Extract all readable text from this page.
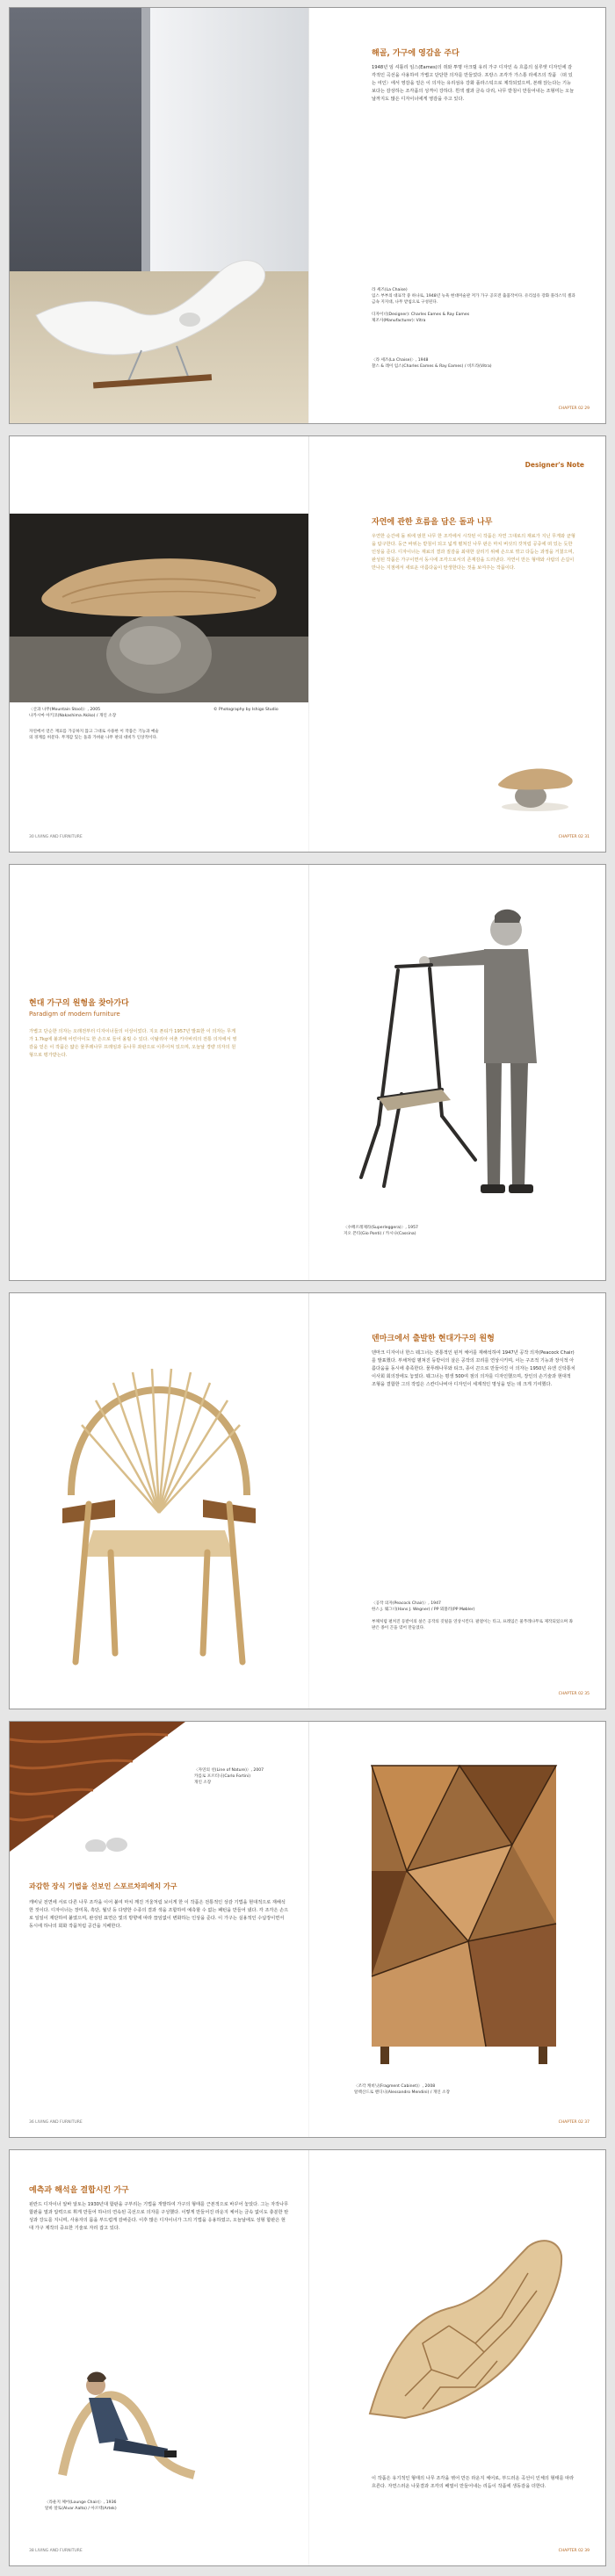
해골, 가구에 영감을 주다
1948년 임 셔틀리 임스(Eames)의 쥐와 투명 아크릴 유리 가구 디자인 속 흐름의 실루엣 디자인에 감각적인 곡선을 사용하여 가볍고 단단한 의자를 만들었다. 프랑스 조각가 가스통 라세즈의 작품 〈떠 있는 여인〉에서 영감을 얻은 이 의자는 유리섬유 강화 플라스틱으로 제작되었으며, 본래 앉는다는 기능보다는 감상하는 조각품의 성격이 강하다. 흰색 셸과 금속 다리, 나무 받침이 만들어내는 조형미는 오늘날까지도 많은 디자이너에게 영감을 주고 있다.
라 셰즈(La Chaise)
임스 부부의 대표작 중 하나로, 1948년 뉴욕 현대미술관 저가 가구 공모전 출품작이다. 유리섬유 강화 플라스틱 셸과 금속 지지대, 나무 받침으로 구성된다.

디자이너(Designer): Charles Eames & Ray Eames
제조사(Manufacturer): Vitra
〈라 셰즈(La Chaise)〉, 1948
찰스 & 레이 임스(Charles Eames & Ray Eames) / 비트라(Vitra)
CHAPTER 02 29
Designer's Note
〈산과 나무(Mountain Stool)〉, 2005
나카시마 아키코(Nakashima Akiko) / 개인 소장
© Photography by Ishigo Studio
자연에서 얻은 재료를 가공하지 않고 그대로 사용한 이 작품은 기능과 예술의 경계를 허문다. 무게감 있는 돌과 가벼운 나무 판의 대비가 인상적이다.
자연에 관한 흐름을 담은 돌과 나무
우연한 순간에 돌 위에 얹힌 나무 한 조각에서 시작된 이 작품은 자연 그대로의 재료가 지닌 무게와 균형을 탐구한다. 둥근 바위는 받침이 되고 넓게 펼쳐진 나무 판은 마치 버섯의 갓처럼 공중에 떠 있는 듯한 인상을 준다. 디자이너는 재료의 결과 질감을 최대한 살리기 위해 손으로 깎고 다듬는 과정을 거쳤으며, 완성된 작품은 가구이면서 동시에 조각으로서의 존재감을 드러낸다. 자연이 만든 형태와 사람의 손길이 만나는 지점에서 새로운 아름다움이 탄생한다는 것을 보여주는 작품이다.
30 LIVING AND FURNITURE	CHAPTER 02 31
현대 가구의 원형을 찾아가다
Paradigm of modern furniture
가볍고 단순한 의자는 오래전부터 디자이너들의 이상이었다. 지오 폰티가 1957년 발표한 이 의자는 무게가 1.7kg에 불과해 어린아이도 한 손으로 들어 올릴 수 있다. 이탈리아 어촌 키아바리의 전통 의자에서 영감을 얻은 이 작품은 얇은 물푸레나무 프레임과 등나무 좌판으로 이루어져 있으며, 오늘날 경량 의자의 원형으로 평가받는다.
〈수페르레제라(Superleggera)〉, 1957
지오 폰티(Gio Ponti) / 카시나(Cassina)
덴마크에서 출발한 현대가구의 원형
덴마크 디자이너 한스 웨그너는 전통적인 윈저 체어를 재해석하여 1947년 공작 의자(Peacock Chair)를 발표했다. 부채처럼 펼쳐진 등받이의 살은 공작의 꼬리를 연상시키며, 이는 구조적 기능과 장식적 아름다움을 동시에 충족한다. 물푸레나무와 티크, 종이 끈으로 만들어진 이 의자는 1950년 유엔 신탁통치이사회 회의장에도 놓였다. 웨그너는 평생 500여 점의 의자를 디자인했으며, 장인의 손기술과 현대적 조형을 결합한 그의 작업은 스칸디나비아 디자인이 세계적인 명성을 얻는 데 크게 기여했다.
〈공작 의자(Peacock Chair)〉, 1947
한스 J. 웨그너(Hans J. Wegner) / PP 뫼블러(PP Møbler)

부채처럼 펼쳐진 등받이의 살은 공작의 깃털을 연상시킨다. 팔걸이는 티크, 프레임은 물푸레나무로 제작되었으며 좌판은 종이 끈을 엮어 만들었다.
CHAPTER 02 35
〈자연의 선(Line of Nature)〉, 2007
카를로 포르티니(Carlo Fortini)
개인 소장
과감한 장식 기법을 선보인 스포르차피에치 가구
캐비닛 전면에 서로 다른 나무 조각을 이어 붙여 마치 깨진 거울처럼 보이게 한 이 작품은 전통적인 상감 기법을 현대적으로 재해석한 것이다. 디자이너는 장미목, 흑단, 월넛 등 다양한 수종의 결과 색을 조합하여 예측할 수 없는 패턴을 만들어 냈다. 각 조각은 손으로 일일이 재단하여 붙였으며, 완성된 표면은 빛의 방향에 따라 끊임없이 변화하는 인상을 준다. 이 가구는 실용적인 수납장이면서 동시에 하나의 회화 작품처럼 공간을 지배한다.
〈조각 캐비닛(Fragment Cabinet)〉, 2008
알렉산드로 멘디니(Alessandro Mendini) / 개인 소장
36 LIVING AND FURNITURE	CHAPTER 02 37
예측과 해석을 결합시킨 가구
핀란드 디자이너 알바 알토는 1930년대 합판을 구부리는 기법을 개발하여 가구의 형태를 근본적으로 바꾸어 놓았다. 그는 자작나무 합판을 열과 압력으로 휘게 만들어 하나의 연속된 곡선으로 의자를 구성했다. 이렇게 만들어진 라운지 체어는 금속 없이도 충분한 탄성과 강도를 지니며, 사용자의 몸을 부드럽게 감싸준다. 이후 많은 디자이너가 그의 기법을 응용하였고, 오늘날에도 성형 합판은 현대 가구 제작의 중요한 기술로 자리 잡고 있다.
〈라운지 체어(Lounge Chair)〉, 1936
알바 알토(Alvar Aalto) / 아르텍(Artek)
이 작품은 유기적인 형태의 나무 조각을 엮어 만든 라운지 체어로, 부드러운 곡선이 인체의 형태를 따라 흐른다. 자연스러운 나뭇결과 조각의 배열이 만들어내는 리듬이 작품에 생동감을 더한다.
38 LIVING AND FURNITURE	CHAPTER 02 39
